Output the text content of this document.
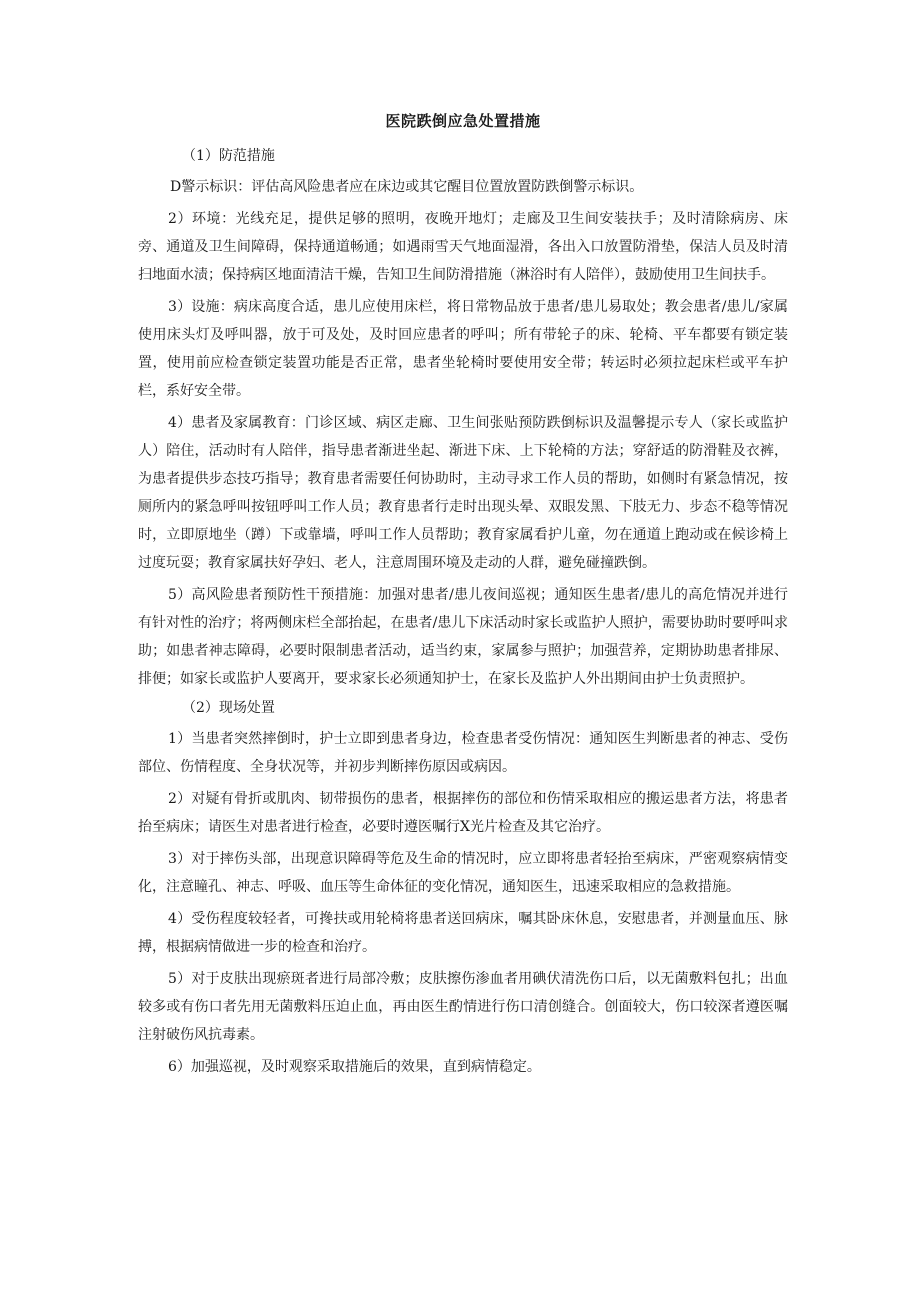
医院跌倒应急处置措施
（1）防范措施

D警示标识：评估高风险患者应在床边或其它醒目位置放置防跌倒警示标识。

2）环境：光线充足，提供足够的照明，夜晚开地灯；走廊及卫生间安装扶手；及时清除病房、床旁、通道及卫生间障碍，保持通道畅通；如遇雨雪天气地面湿滑，各出入口放置防滑垫，保洁人员及时清扫地面水渍；保持病区地面清洁干燥，告知卫生间防滑措施（淋浴时有人陪伴），鼓励使用卫生间扶手。

3）设施：病床高度合适，患儿应使用床栏，将日常物品放于患者/患儿易取处；教会患者/患儿/家属使用床头灯及呼叫器，放于可及处，及时回应患者的呼叫；所有带轮子的床、轮椅、平车都要有锁定装置，使用前应检查锁定装置功能是否正常，患者坐轮椅时要使用安全带；转运时必须拉起床栏或平车护栏，系好安全带。

4）患者及家属教育：门诊区域、病区走廊、卫生间张贴预防跌倒标识及温馨提示专人（家长或监护人）陪住，活动时有人陪伴，指导患者渐进坐起、渐进下床、上下轮椅的方法；穿舒适的防滑鞋及衣裤，为患者提供步态技巧指导；教育患者需要任何协助时，主动寻求工作人员的帮助，如侧时有紧急情况，按厕所内的紧急呼叫按钮呼叫工作人员；教育患者行走时出现头晕、双眼发黑、下肢无力、步态不稳等情况时，立即原地坐（蹲）下或靠墙，呼叫工作人员帮助；教育家属看护儿童，勿在通道上跑动或在候诊椅上过度玩耍；教育家属扶好孕妇、老人，注意周围环境及走动的人群，避免碰撞跌倒。

5）高风险患者预防性干预措施：加强对患者/患儿夜间巡视；通知医生患者/患儿的高危情况并进行有针对性的治疗；将两侧床栏全部抬起，在患者/患儿下床活动时家长或监护人照护，需要协助时要呼叫求助；如患者神志障碍，必要时限制患者活动，适当约束，家属参与照护；加强营养，定期协助患者排尿、排便；如家长或监护人要离开，要求家长必须通知护士，在家长及监护人外出期间由护士负责照护。

（2）现场处置

1）当患者突然摔倒时，护士立即到患者身边，检查患者受伤情况：通知医生判断患者的神志、受伤部位、伤情程度、全身状况等，并初步判断摔伤原因或病因。

2）对疑有骨折或肌肉、韧带损伤的患者，根据摔伤的部位和伤情采取相应的搬运患者方法，将患者抬至病床；请医生对患者进行检查，必要时遵医嘱行X光片检查及其它治疗。

3）对于摔伤头部，出现意识障碍等危及生命的情况时，应立即将患者轻抬至病床，严密观察病情变化，注意瞳孔、神志、呼吸、血压等生命体征的变化情况，通知医生，迅速采取相应的急救措施。

4）受伤程度较轻者，可搀扶或用轮椅将患者送回病床，嘱其卧床休息，安慰患者，并测量血压、脉搏，根据病情做进一步的检查和治疗。

5）对于皮肤出现瘀斑者进行局部冷敷；皮肤擦伤渗血者用碘伏清洗伤口后，以无菌敷料包扎；出血较多或有伤口者先用无菌敷料压迫止血，再由医生酌情进行伤口清创缝合。创面较大，伤口较深者遵医嘱注射破伤风抗毒素。

6）加强巡视，及时观察采取措施后的效果，直到病情稳定。
